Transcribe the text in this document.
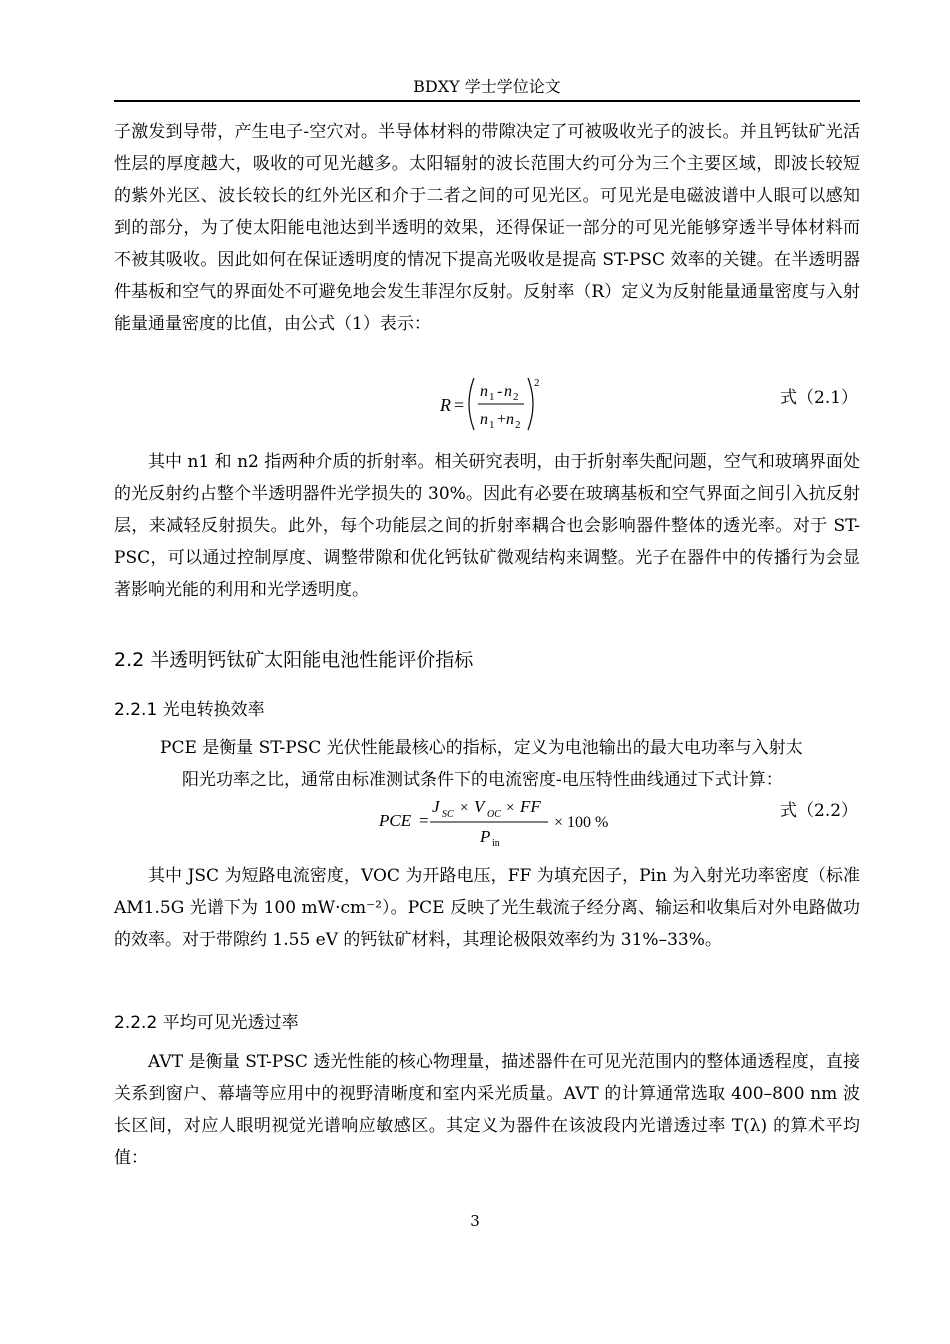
BDXY 学士学位论文
子激发到导带，产生电子-空穴对。半导体材料的带隙决定了可被吸收光子的波长。并且钙钛矿光活性层的厚度越大，吸收的可见光越多。太阳辐射的波长范围大约可分为三个主要区域，即波长较短的紫外光区、波长较长的红外光区和介于二者之间的可见光区。可见光是电磁波谱中人眼可以感知到的部分，为了使太阳能电池达到半透明的效果，还得保证一部分的可见光能够穿透半导体材料而不被其吸收。因此如何在保证透明度的情况下提高光吸收是提高 ST-PSC 效率的关键。在半透明器件基板和空气的界面处不可避免地会发生菲涅尔反射。反射率（R）定义为反射能量通量密度与入射能量通量密度的比值，由公式（1）表示：
R =
n 1 - n 2
n 1 + n 2
2
式（2.1）
其中 n1 和 n2 指两种介质的折射率。相关研究表明，由于折射率失配问题，空气和玻璃界面处的光反射约占整个半透明器件光学损失的 30%。因此有必要在玻璃基板和空气界面之间引入抗反射层，来减轻反射损失。此外，每个功能层之间的折射率耦合也会影响器件整体的透光率。对于 ST-PSC，可以通过控制厚度、调整带隙和优化钙钛矿微观结构来调整。光子在器件中的传播行为会显著影响光能的利用和光学透明度。
2.2 半透明钙钛矿太阳能电池性能评价指标
2.2.1 光电转换效率
PCE 是衡量 ST-PSC 光伏性能最核心的指标，定义为电池输出的最大电功率与入射太
阳光功率之比，通常由标准测试条件下的电流密度-电压特性曲线通过下式计算：
PCE =
J SC × V OC × FF
P in
× 100 %
式（2.2）
其中 JSC 为短路电流密度，VOC 为开路电压，FF 为填充因子，Pin 为入射光功率密度（标准 AM1.5G 光谱下为 100 mW·cm⁻²）。PCE 反映了光生载流子经分离、输运和收集后对外电路做功的效率。对于带隙约 1.55 eV 的钙钛矿材料，其理论极限效率约为 31%–33%。
2.2.2 平均可见光透过率
AVT 是衡量 ST-PSC 透光性能的核心物理量，描述器件在可见光范围内的整体通透程度，直接关系到窗户、幕墙等应用中的视野清晰度和室内采光质量。AVT 的计算通常选取 400–800 nm 波长区间，对应人眼明视觉光谱响应敏感区。其定义为器件在该波段内光谱透过率 T(λ) 的算术平均值：
3
